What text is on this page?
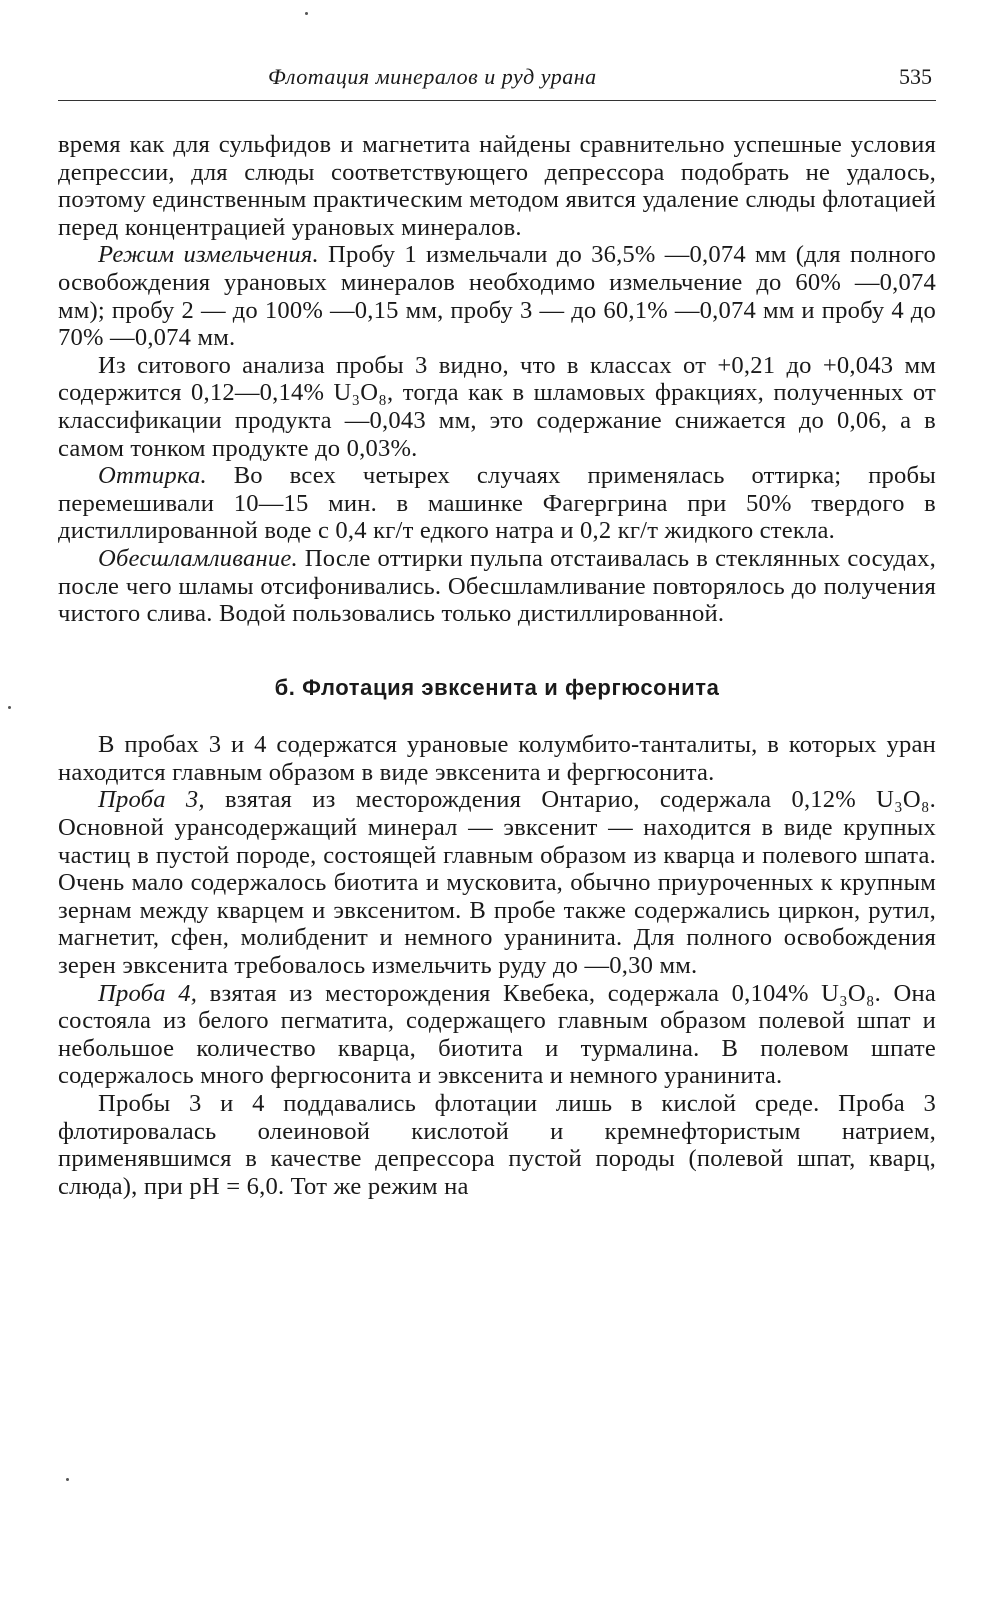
Флотация минералов и руд урана	535

время как для сульфидов и магнетита найдены сравнительно успешные условия депрессии, для слюды соответствующего депрессора подобрать не удалось, поэтому единственным практическим методом явится удаление слюды флотацией перед концентрацией урановых минералов.

Режим измельчения. Пробу 1 измельчали до 36,5% —0,074 мм (для полного освобождения урановых минералов необходимо измельчение до 60% —0,074 мм); пробу 2 — до 100% —0,15 мм, пробу 3 — до 60,1% —0,074 мм и пробу 4 до 70% —0,074 мм.

Из ситового анализа пробы 3 видно, что в классах от +0,21 до +0,043 мм содержится 0,12—0,14% U₃O₈, тогда как в шламовых фракциях, полученных от классификации продукта —0,043 мм, это содержание снижается до 0,06, а в самом тонком продукте до 0,03%.

Оттирка. Во всех четырех случаях применялась оттирка; пробы перемешивали 10—15 мин. в машинке Фагергрина при 50% твердого в дистиллированной воде с 0,4 кг/т едкого натра и 0,2 кг/т жидкого стекла.

Обесшламливание. После оттирки пульпа отстаивалась в стеклянных сосудах, после чего шламы отсифонивались. Обесшламливание повторялось до получения чистого слива. Водой пользовались только дистиллированной.

б. Флотация эвксенита и фергюсонита

В пробах 3 и 4 содержатся урановые колумбито-танталиты, в которых уран находится главным образом в виде эвксенита и фергюсонита.

Проба 3, взятая из месторождения Онтарио, содержала 0,12% U₃O₈. Основной урансодержащий минерал — эвксенит — находится в виде крупных частиц в пустой породе, состоящей главным образом из кварца и полевого шпата. Очень мало содержалось биотита и мусковита, обычно приуроченных к крупным зернам между кварцем и эвксенитом. В пробе также содержались циркон, рутил, магнетит, сфен, молибденит и немного уранинита. Для полного освобождения зерен эвксенита требовалось измельчить руду до —0,30 мм.

Проба 4, взятая из месторождения Квебека, содержала 0,104% U₃O₈. Она состояла из белого пегматита, содержащего главным образом полевой шпат и небольшое количество кварца, биотита и турмалина. В полевом шпате содержалось много фергюсонита и эвксенита и немного уранинита.

Пробы 3 и 4 поддавались флотации лишь в кислой среде. Проба 3 флотировалась олеиновой кислотой и кремнефтористым натрием, применявшимся в качестве депрессора пустой породы (полевой шпат, кварц, слюда), при pH = 6,0. Тот же режим на
